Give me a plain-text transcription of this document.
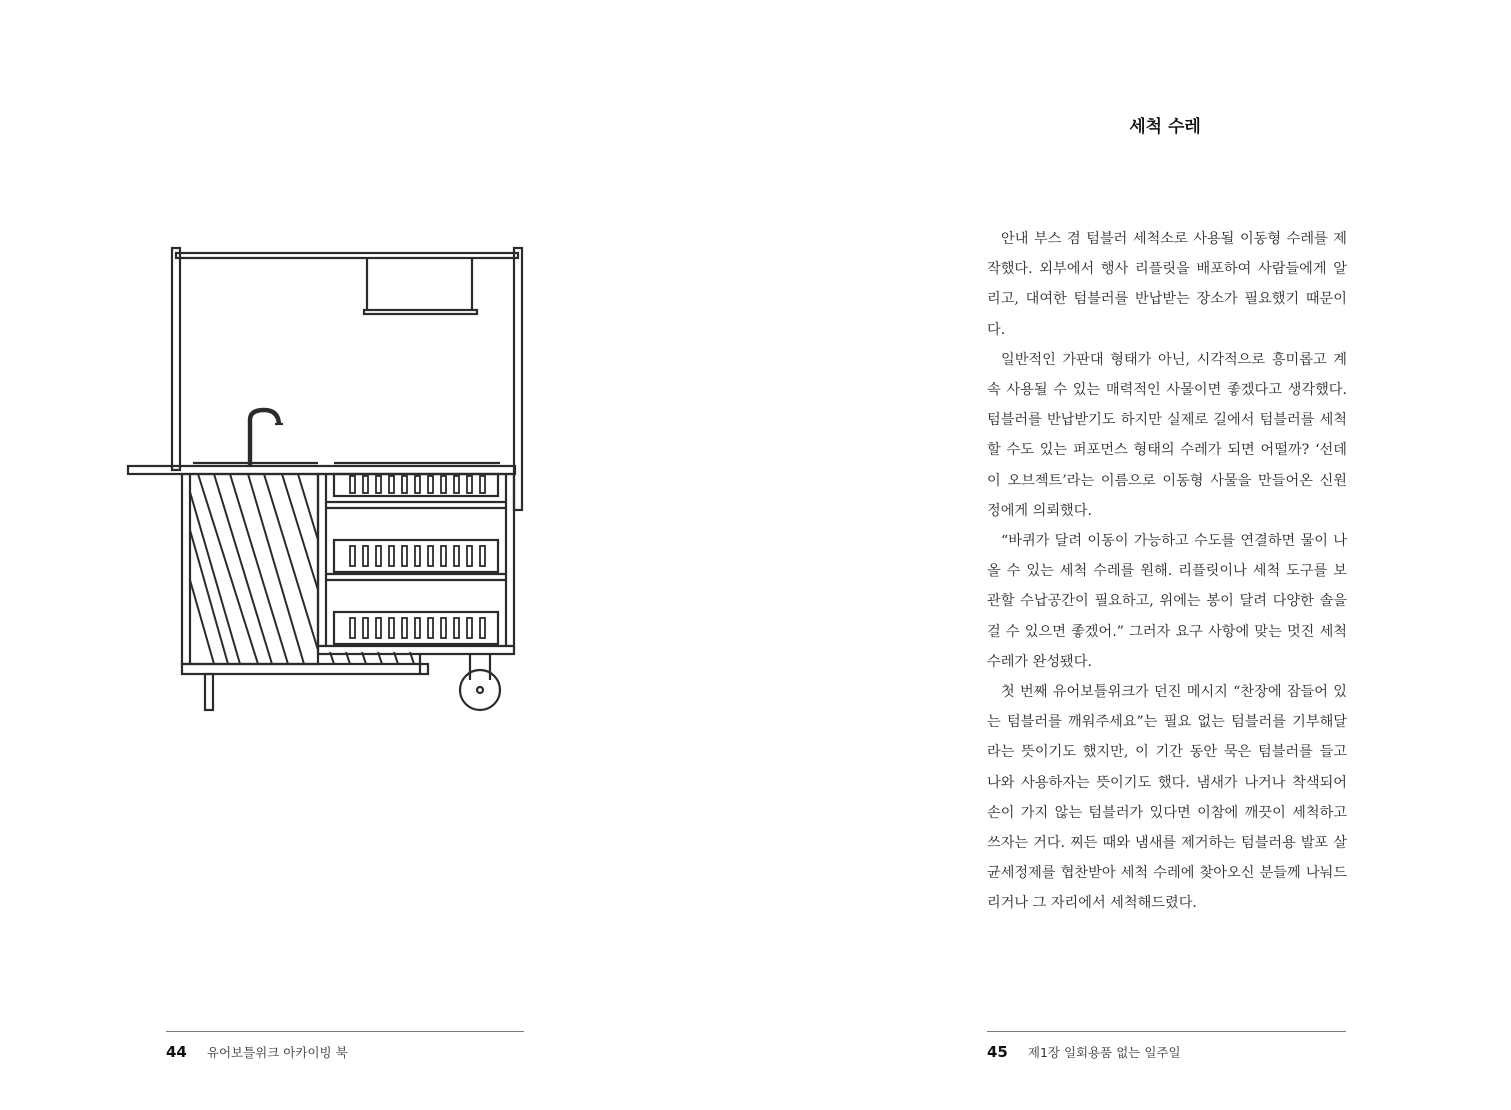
44 유어보틀위크 아카이빙 북
세척 수레

안내 부스 겸 텀블러 세척소로 사용될 이동형 수레를 제작했다. 외부에서 행사 리플릿을 배포하여 사람들에게 알리고, 대여한 텀블러를 반납받는 장소가 필요했기 때문이다.

일반적인 가판대 형태가 아닌, 시각적으로 흥미롭고 계속 사용될 수 있는 매력적인 사물이면 좋겠다고 생각했다. 텀블러를 반납받기도 하지만 실제로 길에서 텀블러를 세척할 수도 있는 퍼포먼스 형태의 수레가 되면 어떨까? ‘선데이 오브젝트’라는 이름으로 이동형 사물을 만들어온 신원정에게 의뢰했다.

“바퀴가 달려 이동이 가능하고 수도를 연결하면 물이 나올 수 있는 세척 수레를 원해. 리플릿이나 세척 도구를 보관할 수납공간이 필요하고, 위에는 봉이 달려 다양한 솔을 걸 수 있으면 좋겠어.” 그러자 요구 사항에 맞는 멋진 세척 수레가 완성됐다.

첫 번째 유어보틀위크가 던진 메시지 “찬장에 잠들어 있는 텀블러를 깨워주세요”는 필요 없는 텀블러를 기부해달라는 뜻이기도 했지만, 이 기간 동안 묵은 텀블러를 들고 나와 사용하자는 뜻이기도 했다. 냄새가 나거나 착색되어 손이 가지 않는 텀블러가 있다면 이참에 깨끗이 세척하고 쓰자는 거다. 찌든 때와 냄새를 제거하는 텀블러용 발포 살균세정제를 협찬받아 세척 수레에 찾아오신 분들께 나눠드리거나 그 자리에서 세척해드렸다.

45 제1장 일회용품 없는 일주일
